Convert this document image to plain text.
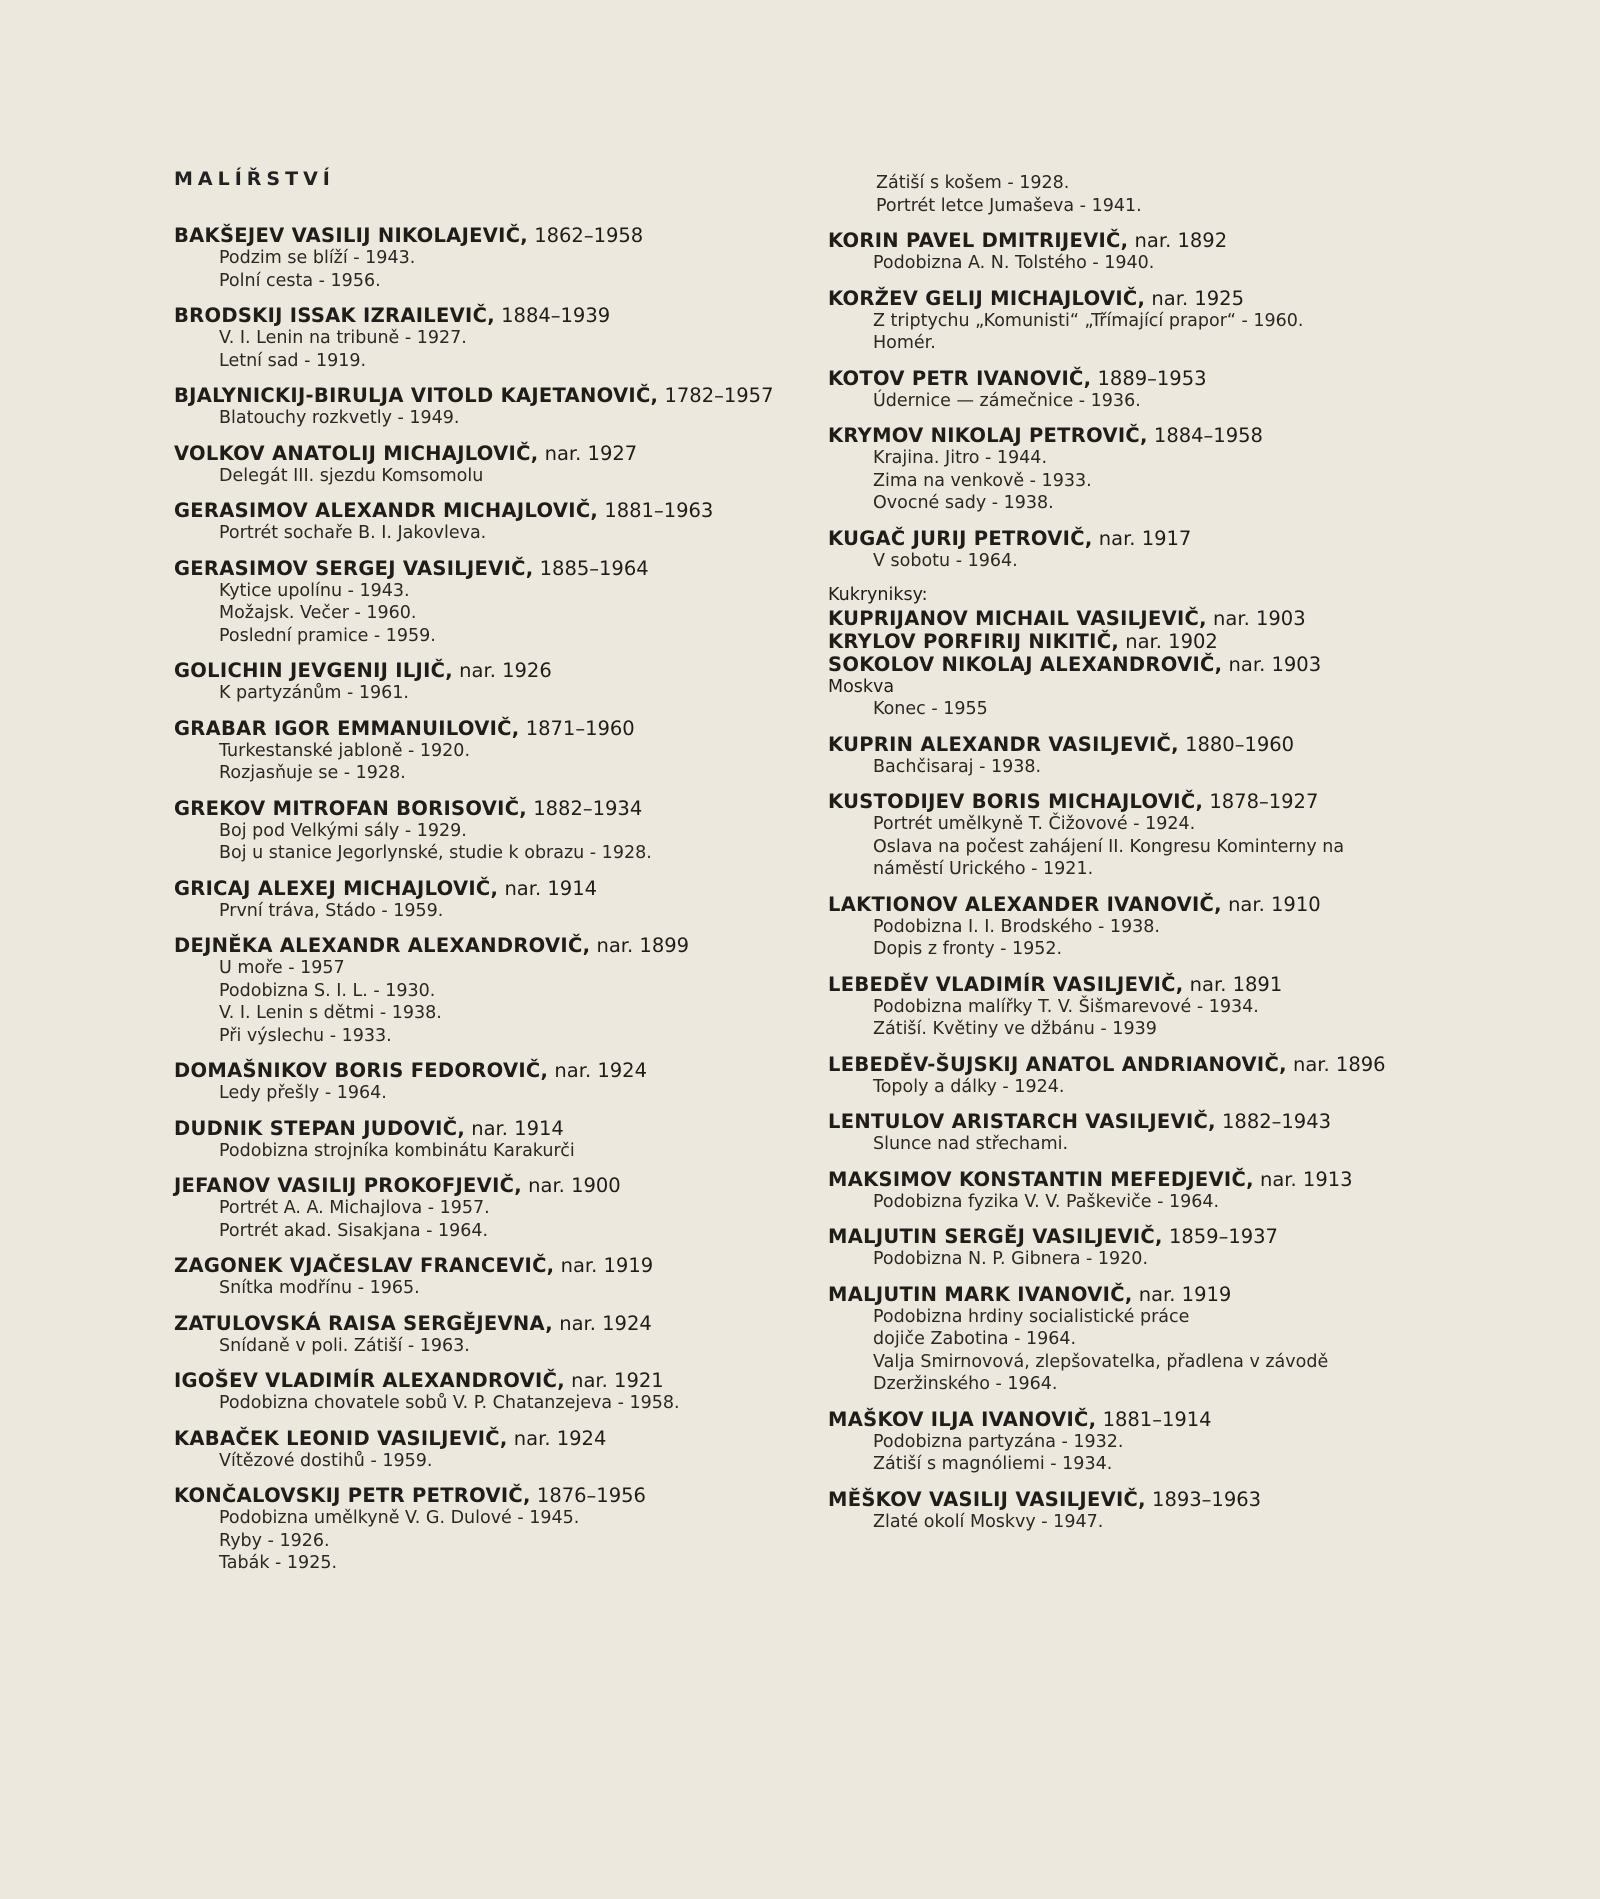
MALÍŘSTVÍ
BAKŠEJEV VASILIJ NIKOLAJEVIČ, 1862–1958
Podzim se blíží - 1943.
Polní cesta - 1956.
BRODSKIJ ISSAK IZRAILEVIČ, 1884–1939
V. I. Lenin na tribuně - 1927.
Letní sad - 1919.
BJALYNICKIJ-BIRULJA VITOLD KAJETANOVIČ, 1782–1957
Blatouchy rozkvetly - 1949.
VOLKOV ANATOLIJ MICHAJLOVIČ, nar. 1927
Delegát III. sjezdu Komsomolu
GERASIMOV ALEXANDR MICHAJLOVIČ, 1881–1963
Portrét sochaře B. I. Jakovleva.
GERASIMOV SERGEJ VASILJEVIČ, 1885–1964
Kytice upolínu - 1943.
Možajsk. Večer - 1960.
Poslední pramice - 1959.
GOLICHIN JEVGENIJ ILJIČ, nar. 1926
K partyzánům - 1961.
GRABAR IGOR EMMANUILOVIČ, 1871–1960
Turkestanské jabloně - 1920.
Rozjasňuje se - 1928.
GREKOV MITROFAN BORISOVIČ, 1882–1934
Boj pod Velkými sály - 1929.
Boj u stanice Jegorlynské, studie k obrazu - 1928.
GRICAJ ALEXEJ MICHAJLOVIČ, nar. 1914
První tráva, Stádo - 1959.
DEJNĚKA ALEXANDR ALEXANDROVIČ, nar. 1899
U moře - 1957
Podobizna S. I. L. - 1930.
V. I. Lenin s dětmi - 1938.
Při výslechu - 1933.
DOMAŠNIKOV BORIS FEDOROVIČ, nar. 1924
Ledy přešly - 1964.
DUDNIK STEPAN JUDOVIČ, nar. 1914
Podobizna strojníka kombinátu Karakurči
JEFANOV VASILIJ PROKOFJEVIČ, nar. 1900
Portrét A. A. Michajlova - 1957.
Portrét akad. Sisakjana - 1964.
ZAGONEK VJAČESLAV FRANCEVIČ, nar. 1919
Snítka modřínu - 1965.
ZATULOVSKÁ RAISA SERGĚJEVNA, nar. 1924
Snídaně v poli. Zátiší - 1963.
IGOŠEV VLADIMÍR ALEXANDROVIČ, nar. 1921
Podobizna chovatele sobů V. P. Chatanzejeva - 1958.
KABAČEK LEONID VASILJEVIČ, nar. 1924
Vítězové dostihů - 1959.
KONČALOVSKIJ PETR PETROVIČ, 1876–1956
Podobizna umělkyně V. G. Dulové - 1945.
Ryby - 1926.
Tabák - 1925.
Zátiší s košem - 1928.
Portrét letce Jumaševa - 1941.
KORIN PAVEL DMITRIJEVIČ, nar. 1892
Podobizna A. N. Tolstého - 1940.
KORŽEV GELIJ MICHAJLOVIČ, nar. 1925
Z triptychu „Komunisti“ „Třímající prapor“ - 1960.
Homér.
KOTOV PETR IVANOVIČ, 1889–1953
Údernice — zámečnice - 1936.
KRYMOV NIKOLAJ PETROVIČ, 1884–1958
Krajina. Jitro - 1944.
Zima na venkově - 1933.
Ovocné sady - 1938.
KUGAČ JURIJ PETROVIČ, nar. 1917
V sobotu - 1964.
Kukryniksy:
KUPRIJANOV MICHAIL VASILJEVIČ, nar. 1903
KRYLOV PORFIRIJ NIKITIČ, nar. 1902
SOKOLOV NIKOLAJ ALEXANDROVIČ, nar. 1903
Moskva
Konec - 1955
KUPRIN ALEXANDR VASILJEVIČ, 1880–1960
Bachčisaraj - 1938.
KUSTODIJEV BORIS MICHAJLOVIČ, 1878–1927
Portrét umělkyně T. Čižovové - 1924.
Oslava na počest zahájení II. Kongresu Kominterny na
náměstí Urického - 1921.
LAKTIONOV ALEXANDER IVANOVIČ, nar. 1910
Podobizna I. I. Brodského - 1938.
Dopis z fronty - 1952.
LEBEDĚV VLADIMÍR VASILJEVIČ, nar. 1891
Podobizna malířky T. V. Šišmarevové - 1934.
Zátiší. Květiny ve džbánu - 1939
LEBEDĚV-ŠUJSKIJ ANATOL ANDRIANOVIČ, nar. 1896
Topoly a dálky - 1924.
LENTULOV ARISTARCH VASILJEVIČ, 1882–1943
Slunce nad střechami.
MAKSIMOV KONSTANTIN MEFEDJEVIČ, nar. 1913
Podobizna fyzika V. V. Paškeviče - 1964.
MALJUTIN SERGĚJ VASILJEVIČ, 1859–1937
Podobizna N. P. Gibnera - 1920.
MALJUTIN MARK IVANOVIČ, nar. 1919
Podobizna hrdiny socialistické práce
dojiče Zabotina - 1964.
Valja Smirnovová, zlepšovatelka, přadlena v závodě
Dzeržinského - 1964.
MAŠKOV ILJA IVANOVIČ, 1881–1914
Podobizna partyzána - 1932.
Zátiší s magnóliemi - 1934.
MĚŠKOV VASILIJ VASILJEVIČ, 1893–1963
Zlaté okolí Moskvy - 1947.
